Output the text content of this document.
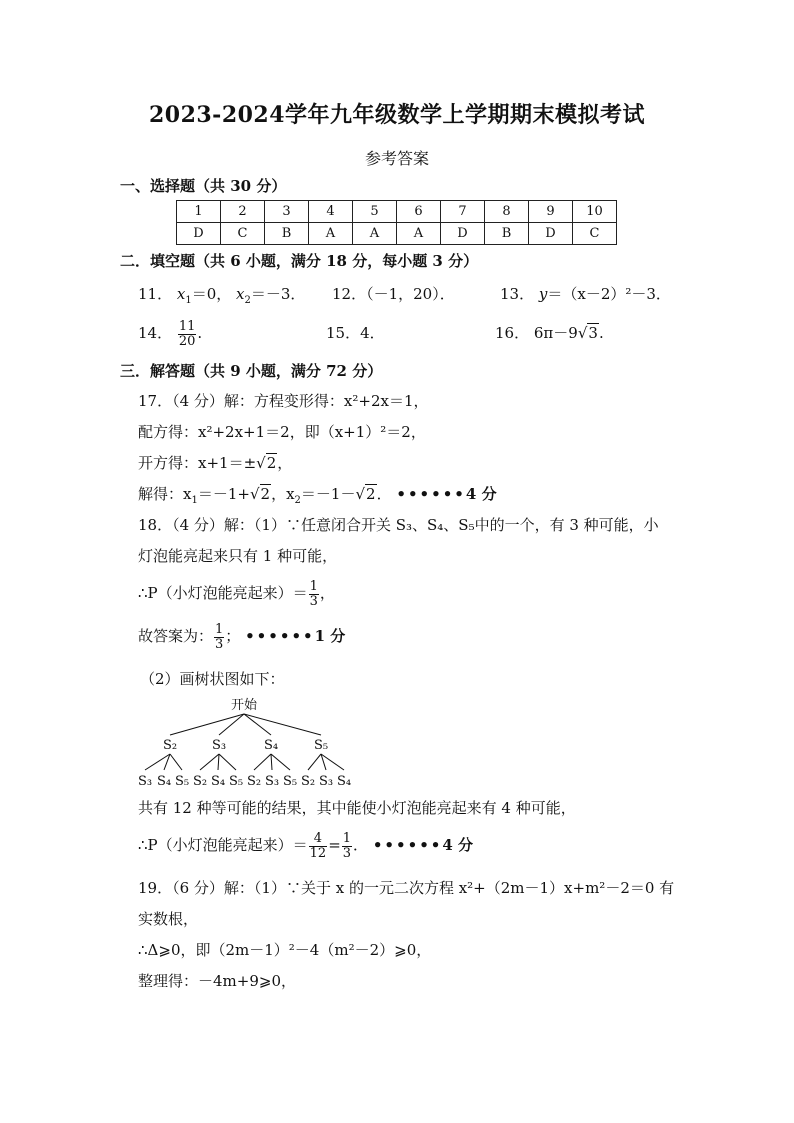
2023-2024学年九年级数学上学期期末模拟考试
参考答案
一、选择题（共 30 分）
1	2	3	4	5	6	7	8	9	10
D	C	B	A	A	A	D	B	D	C
二．填空题（共 6 小题，满分 18 分，每小题 3 分）
11． $x_1=0$， $x_2=-3$． 12．（－1，20）．	13． y＝（x－2）²－3．
14． $\frac{11}{20}$ .	15．4．	16． 6π－9√3.
三．解答题（共 9 小题，满分 72 分）
17．（4 分）解：方程变形得：x²+2x＝1，
配方得：x²+2x+1＝2，即（x+1）²＝2，
开方得：x+1＝±√2，
解得：$x_1=-1+√2$，$x_2=-1-√2$． ••••••4 分
18．（4 分）解：（1）∵任意闭合开关 S₃、S₄、S₅中的一个，有 3 种可能，小
灯泡能亮起来只有 1 种可能，
∴P（小灯泡能亮起来）＝ $\frac{1}{3}$ ，
故答案为： $\frac{1}{3}$ ； ••••••1 分
（2）画树状图如下：
开始
S₂	S₃	S₄	S₅
S₃ S₄ S₅ S₂ S₄ S₅ S₂ S₃ S₅ S₂ S₃ S₄
共有 12 种等可能的结果，其中能使小灯泡能亮起来有 4 种可能，
∴P（小灯泡能亮起来）＝ $\frac{4}{12} = \frac{1}{3}$ ． ••••••4 分
19．（6 分）解：（1）∵关于 x 的一元二次方程 x²+（2m－1）x+m²－2＝0 有
实数根，
∴Δ⩾0，即（2m－1）²－4（m²－2）⩾0，
整理得：－4m+9⩾0，
